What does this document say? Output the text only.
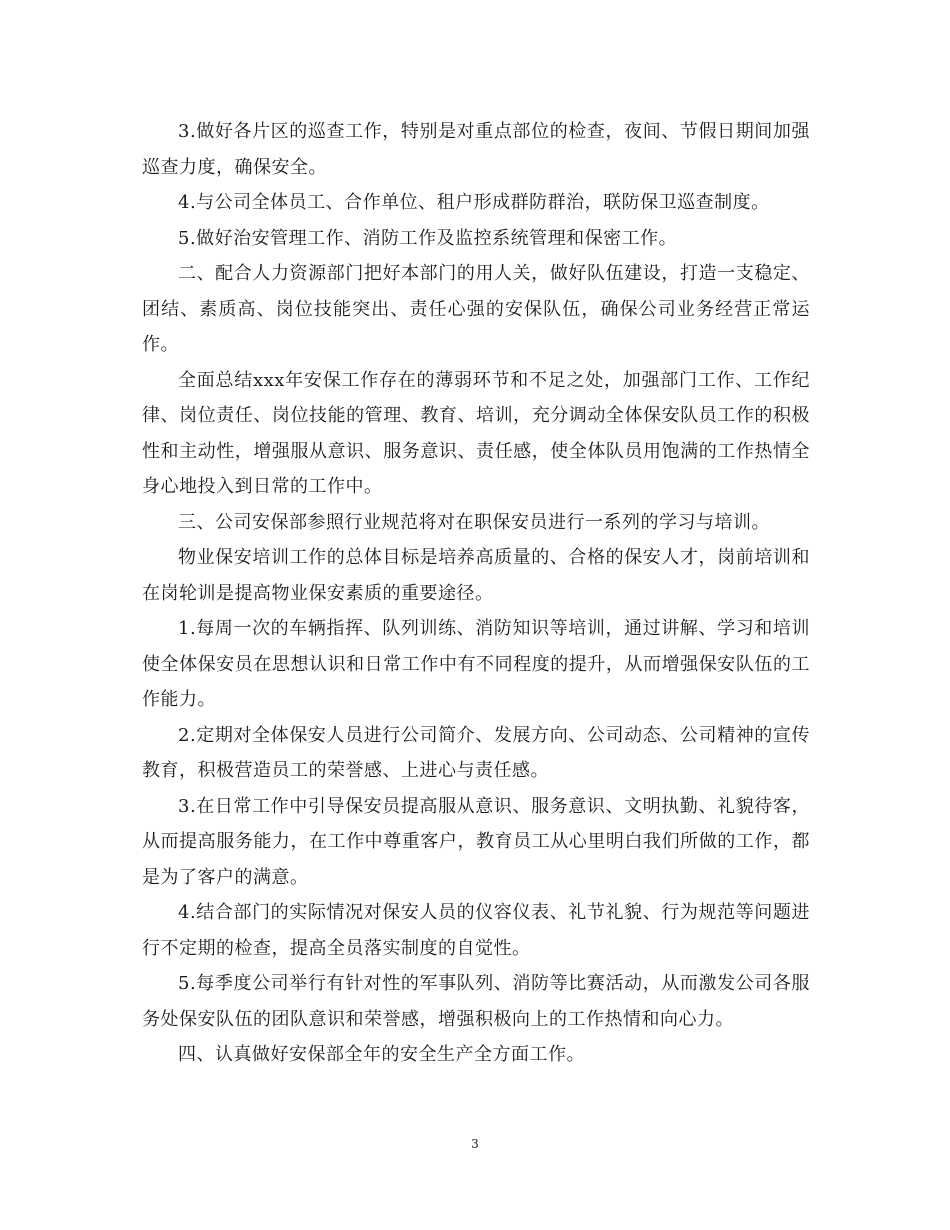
3.做好各片区的巡查工作，特别是对重点部位的检查，夜间、节假日期间加强巡查力度，确保安全。

4.与公司全体员工、合作单位、租户形成群防群治，联防保卫巡查制度。

5.做好治安管理工作、消防工作及监控系统管理和保密工作。

二、配合人力资源部门把好本部门的用人关，做好队伍建设，打造一支稳定、团结、素质高、岗位技能突出、责任心强的安保队伍，确保公司业务经营正常运作。

全面总结xxx年安保工作存在的薄弱环节和不足之处，加强部门工作、工作纪律、岗位责任、岗位技能的管理、教育、培训，充分调动全体保安队员工作的积极性和主动性，增强服从意识、服务意识、责任感，使全体队员用饱满的工作热情全身心地投入到日常的工作中。

三、公司安保部参照行业规范将对在职保安员进行一系列的学习与培训。

物业保安培训工作的总体目标是培养高质量的、合格的保安人才，岗前培训和在岗轮训是提高物业保安素质的重要途径。

1.每周一次的车辆指挥、队列训练、消防知识等培训，通过讲解、学习和培训使全体保安员在思想认识和日常工作中有不同程度的提升，从而增强保安队伍的工作能力。

2.定期对全体保安人员进行公司简介、发展方向、公司动态、公司精神的宣传教育，积极营造员工的荣誉感、上进心与责任感。

3.在日常工作中引导保安员提高服从意识、服务意识、文明执勤、礼貌待客，从而提高服务能力，在工作中尊重客户，教育员工从心里明白我们所做的工作，都是为了客户的满意。

4.结合部门的实际情况对保安人员的仪容仪表、礼节礼貌、行为规范等问题进行不定期的检查，提高全员落实制度的自觉性。

5.每季度公司举行有针对性的军事队列、消防等比赛活动，从而激发公司各服务处保安队伍的团队意识和荣誉感，增强积极向上的工作热情和向心力。

四、认真做好安保部全年的安全生产全方面工作。

3
